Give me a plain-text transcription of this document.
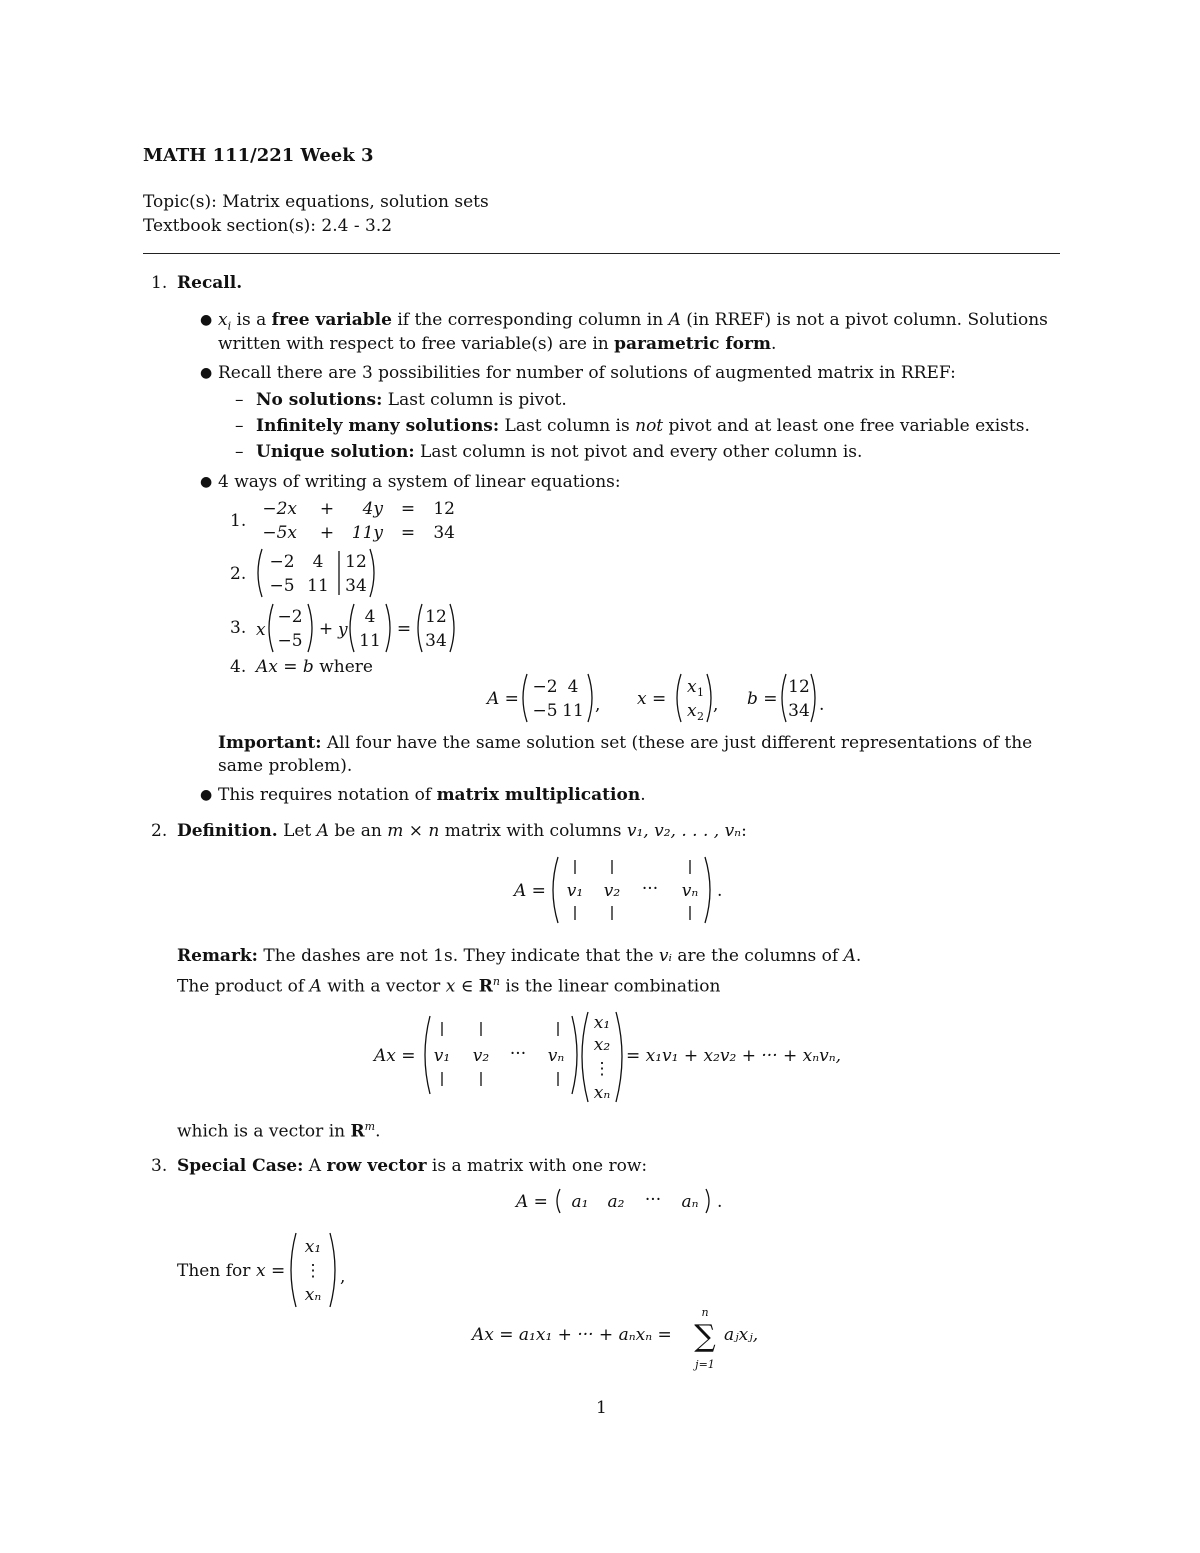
MATH 111/221 Week 3
Topic(s): Matrix equations, solution sets
Textbook section(s): 2.4 - 3.2
1. Recall.
● $x_i$ is a free variable if the corresponding column in A (in RREF) is not a pivot column. Solutions
written with respect to free variable(s) are in parametric form.
● Recall there are 3 possibilities for number of solutions of augmented matrix in RREF:
– No solutions: Last column is pivot.
– Infinitely many solutions: Last column is not pivot and at least one free variable exists.
– Unique solution: Last column is not pivot and every other column is.
● 4 ways of writing a system of linear equations:
1.
−2x + 4y = 12
−5x + 11y = 34
2.
−2 4 12
−5 11 34
3. x
−2
−5
+ y
4
11
=
12
34
4. Ax = b where
A =
−2 4
−5 11 , x =
x 1
x 2
, b =
12
34 .
Important: All four have the same solution set (these are just different representations of the
same problem).
● This requires notation of matrix multiplication.
2. Definition. Let A be an m × n matrix with columns v₁, v₂, . . . , vₙ:
A = v₁ v₂ ··· vₙ .
Remark: The dashes are not 1s. They indicate that the vᵢ are the columns of A.
The product of A with a vector x ∈ $R^n$ is the linear combination
Ax = v₁ v₂ ··· vₙ
x₁
x₂
⋮
xₙ
= x₁v₁ + x₂v₂ + ··· + xₙvₙ,
which is a vector in $R^m$.
3. Special Case: A row vector is a matrix with one row:
A = a₁ a₂ ··· aₙ .
Then for x =
x₁
⋮
xₙ
,
Ax = a₁x₁ + ··· + aₙxₙ =
n
∑
j=1
aⱼxⱼ,
1
